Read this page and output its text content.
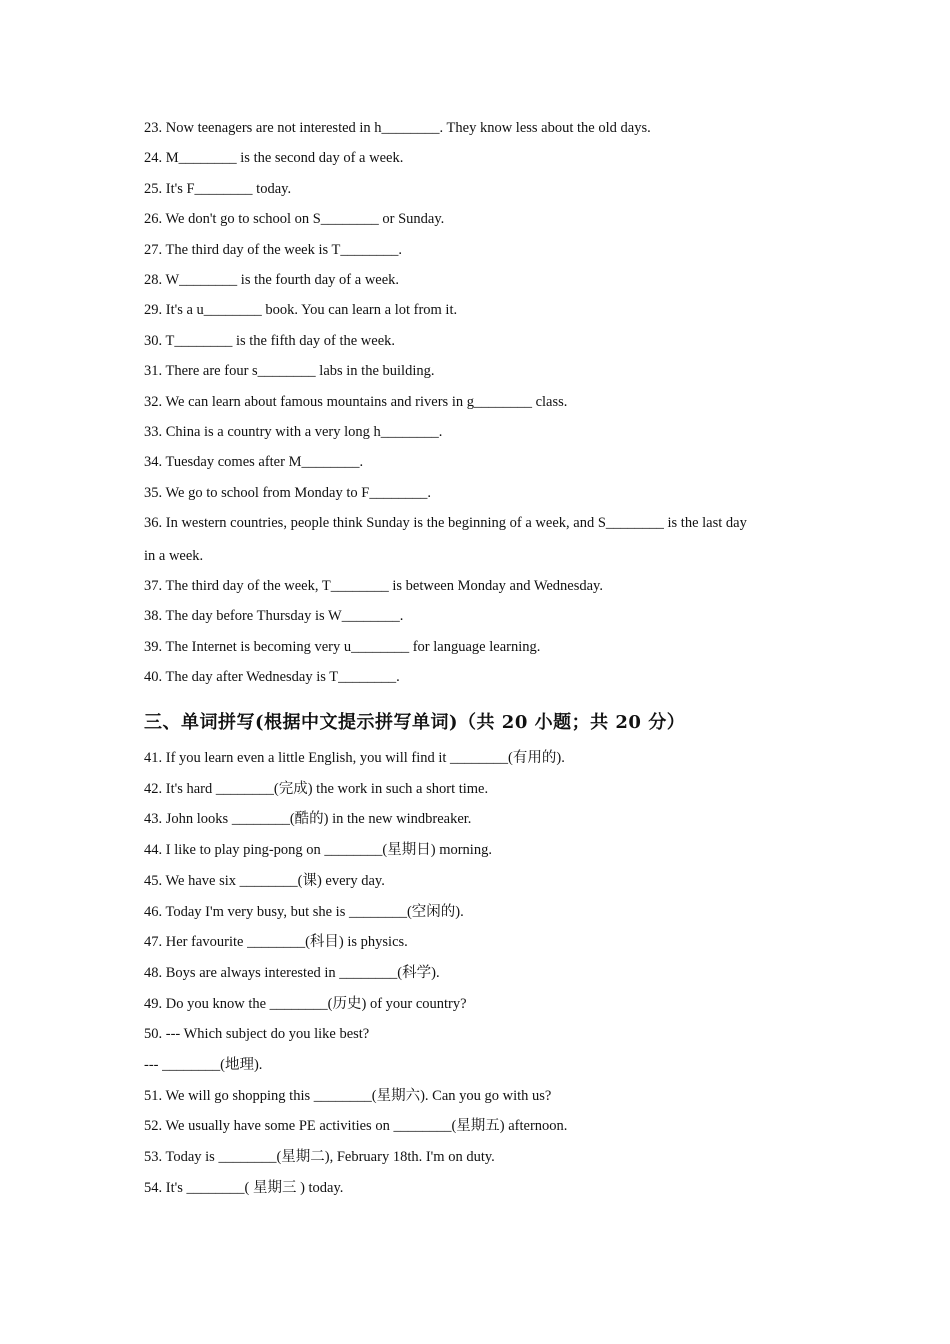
23. Now teenagers are not interested in h________. They know less about the old days.
24. M________ is the second day of a week.
25. It's F________ today.
26. We don't go to school on S________ or Sunday.
27. The third day of the week is T________.
28. W________ is the fourth day of a week.
29. It's a u________ book. You can learn a lot from it.
30. T________ is the fifth day of the week.
31. There are four s________ labs in the building.
32. We can learn about famous mountains and rivers in g________ class.
33. China is a country with a very long h________.
34. Tuesday comes after M________.
35. We go to school from Monday to F________.
36. In western countries, people think Sunday is the beginning of a week, and S________ is the last day
in a week.
37. The third day of the week, T________ is between Monday and Wednesday.
38. The day before Thursday is W________.
39. The Internet is becoming very u________ for language learning.
40. The day after Wednesday is T________.
三、单词拼写(根据中文提示拼写单词)（共 20 小题；共 20 分）
41. If you learn even a little English, you will find it ________(有用的).
42. It's hard ________(完成) the work in such a short time.
43. John looks ________(酷的) in the new windbreaker.
44. I like to play ping-pong on ________(星期日) morning.
45. We have six ________(课) every day.
46. Today I'm very busy, but she is ________(空闲的).
47. Her favourite ________(科目) is physics.
48. Boys are always interested in ________(科学).
49. Do you know the ________(历史) of your country?
50. --- Which subject do you like best?
--- ________(地理).
51. We will go shopping this ________(星期六). Can you go with us?
52. We usually have some PE activities on ________(星期五) afternoon.
53. Today is ________(星期二), February 18th. I'm on duty.
54. It's ________( 星期三 ) today.
